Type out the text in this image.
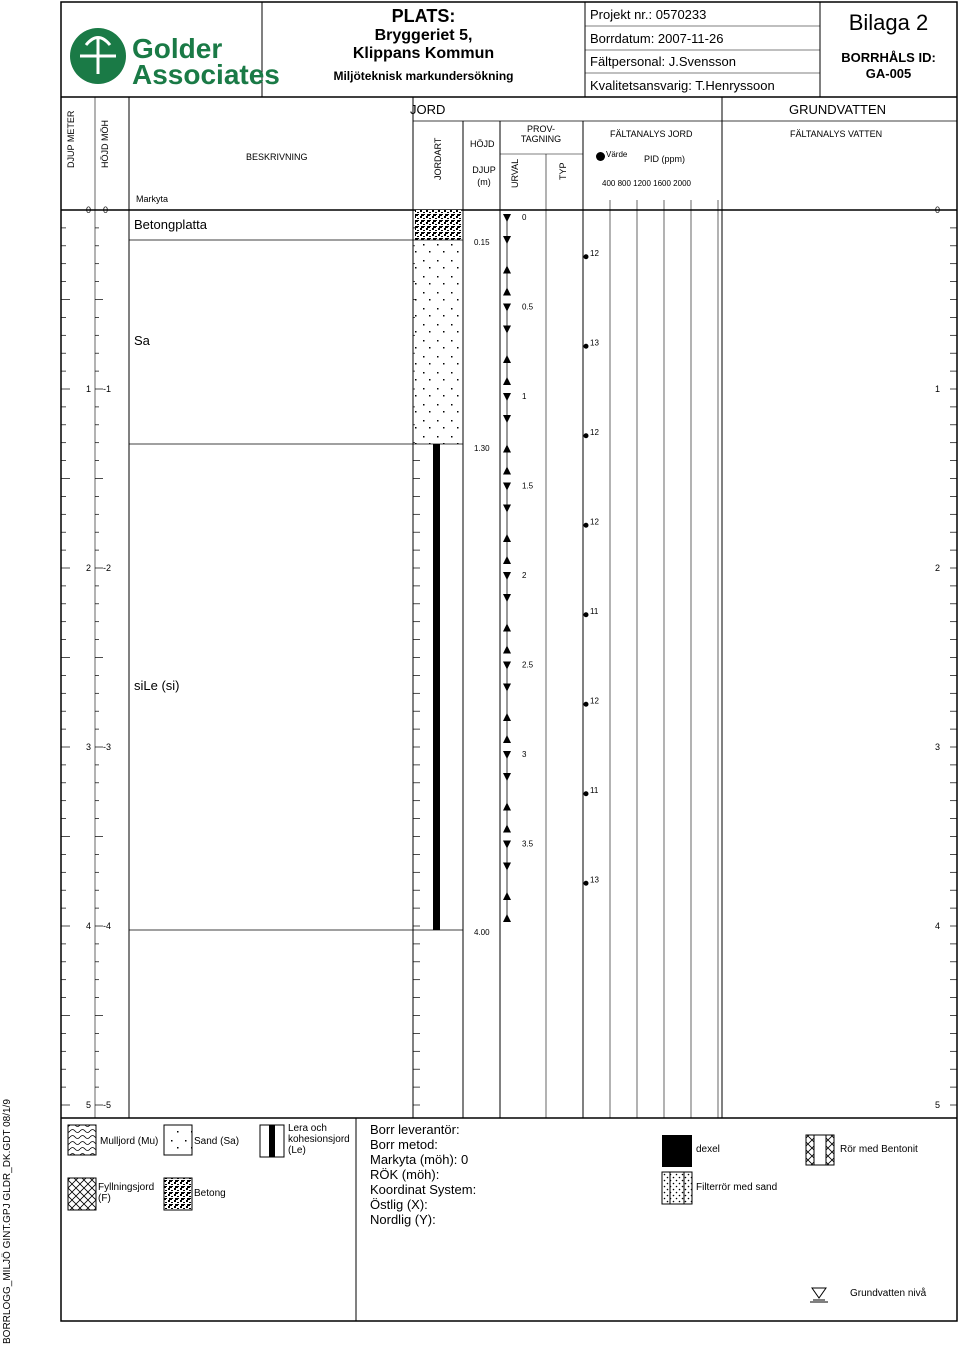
0
12
0.5
13
1
12
1.5
12
2
11
2.5
12
3
11
3.5
13
Golder
Associates
PLATS:
Bryggeriet 5,
Klippans Kommun
Miljöteknisk markundersökning
Projekt nr.: 0570233
Borrdatum: 2007-11-26
Fältpersonal: J.Svensson
Kvalitetsansvarig: T.Henryssoon
Bilaga 2
BORRHÅLS ID:
GA-005
DJUP METER	HÖJD MÖH	BESKRIVNING
JORD
JORDART	HÖJD
DJUP (m)
PROV- TAGNING
URVAL	TYP
FÄLTANALYS JORD
Värde PID (ppm)
400 800 1200 1600 2000
GRUNDVATTEN
FÄLTANALYS VATTEN
Markyta
Betongplatta
Sa
siLe (si)
0.15
1.30
4.00
0 0	0
1 -1	1
2 -2	2
3 -3	3
4 -4	4
5 -5	5
Mulljord (Mu)	Sand (Sa)
Lera och
kohesionsjord
(Le)
Fyllningsjord
(F)	Betong
Borr leverantör:
Borr metod:
Markyta (möh): 0
RÖK (möh):
Koordinat System:
Östlig (X):
Nordlig (Y):
dexel
Filterrör med sand
Rör med Bentonit
Grundvatten nivå
BORRLOGG_MILJÖ GINT.GPJ GLDR_DK.GDT 08/1/9
